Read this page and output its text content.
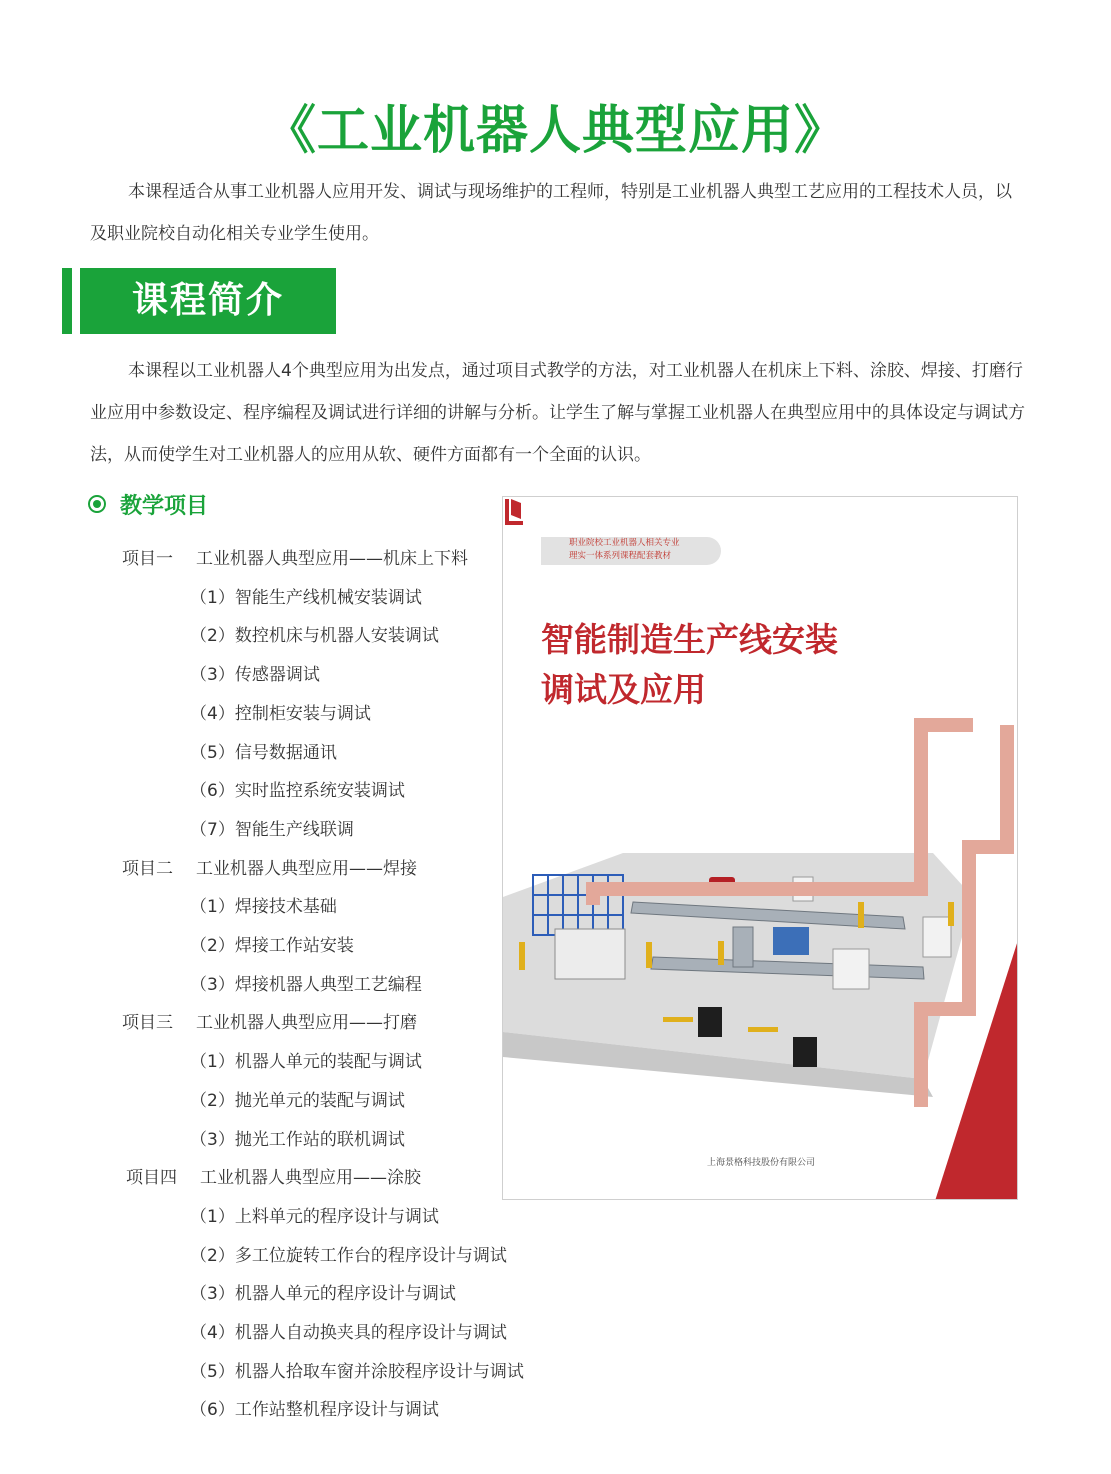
《工业机器人典型应用》

本课程适合从事工业机器人应用开发、调试与现场维护的工程师，特别是工业机器人典型工艺应用的工程技术人员，以及职业院校自动化相关专业学生使用。

课程简介

本课程以工业机器人4个典型应用为出发点，通过项目式教学的方法，对工业机器人在机床上下料、涂胶、焊接、打磨行业应用中参数设定、程序编程及调试进行详细的讲解与分析。让学生了解与掌握工业机器人在典型应用中的具体设定与调试方法，从而使学生对工业机器人的应用从软、硬件方面都有一个全面的认识。

教学项目
项目一 工业机器人典型应用——机床上下料
（1）智能生产线机械安装调试
（2）数控机床与机器人安装调试
（3）传感器调试
（4）控制柜安装与调试
（5）信号数据通讯
（6）实时监控系统安装调试
（7）智能生产线联调
项目二 工业机器人典型应用——焊接
（1）焊接技术基础
（2）焊接工作站安装
（3）焊接机器人典型工艺编程
项目三 工业机器人典型应用——打磨
（1）机器人单元的装配与调试
（2）抛光单元的装配与调试
（3）抛光工作站的联机调试
项目四 工业机器人典型应用——涂胶
（1）上料单元的程序设计与调试
（2）多工位旋转工作台的程序设计与调试
（3）机器人单元的程序设计与调试
（4）机器人自动换夹具的程序设计与调试
（5）机器人拾取车窗并涂胶程序设计与调试
（6）工作站整机程序设计与调试
职业院校工业机器人相关专业
理实一体系列课程配套教材
智能制造生产线安装
调试及应用
上海景格科技股份有限公司
